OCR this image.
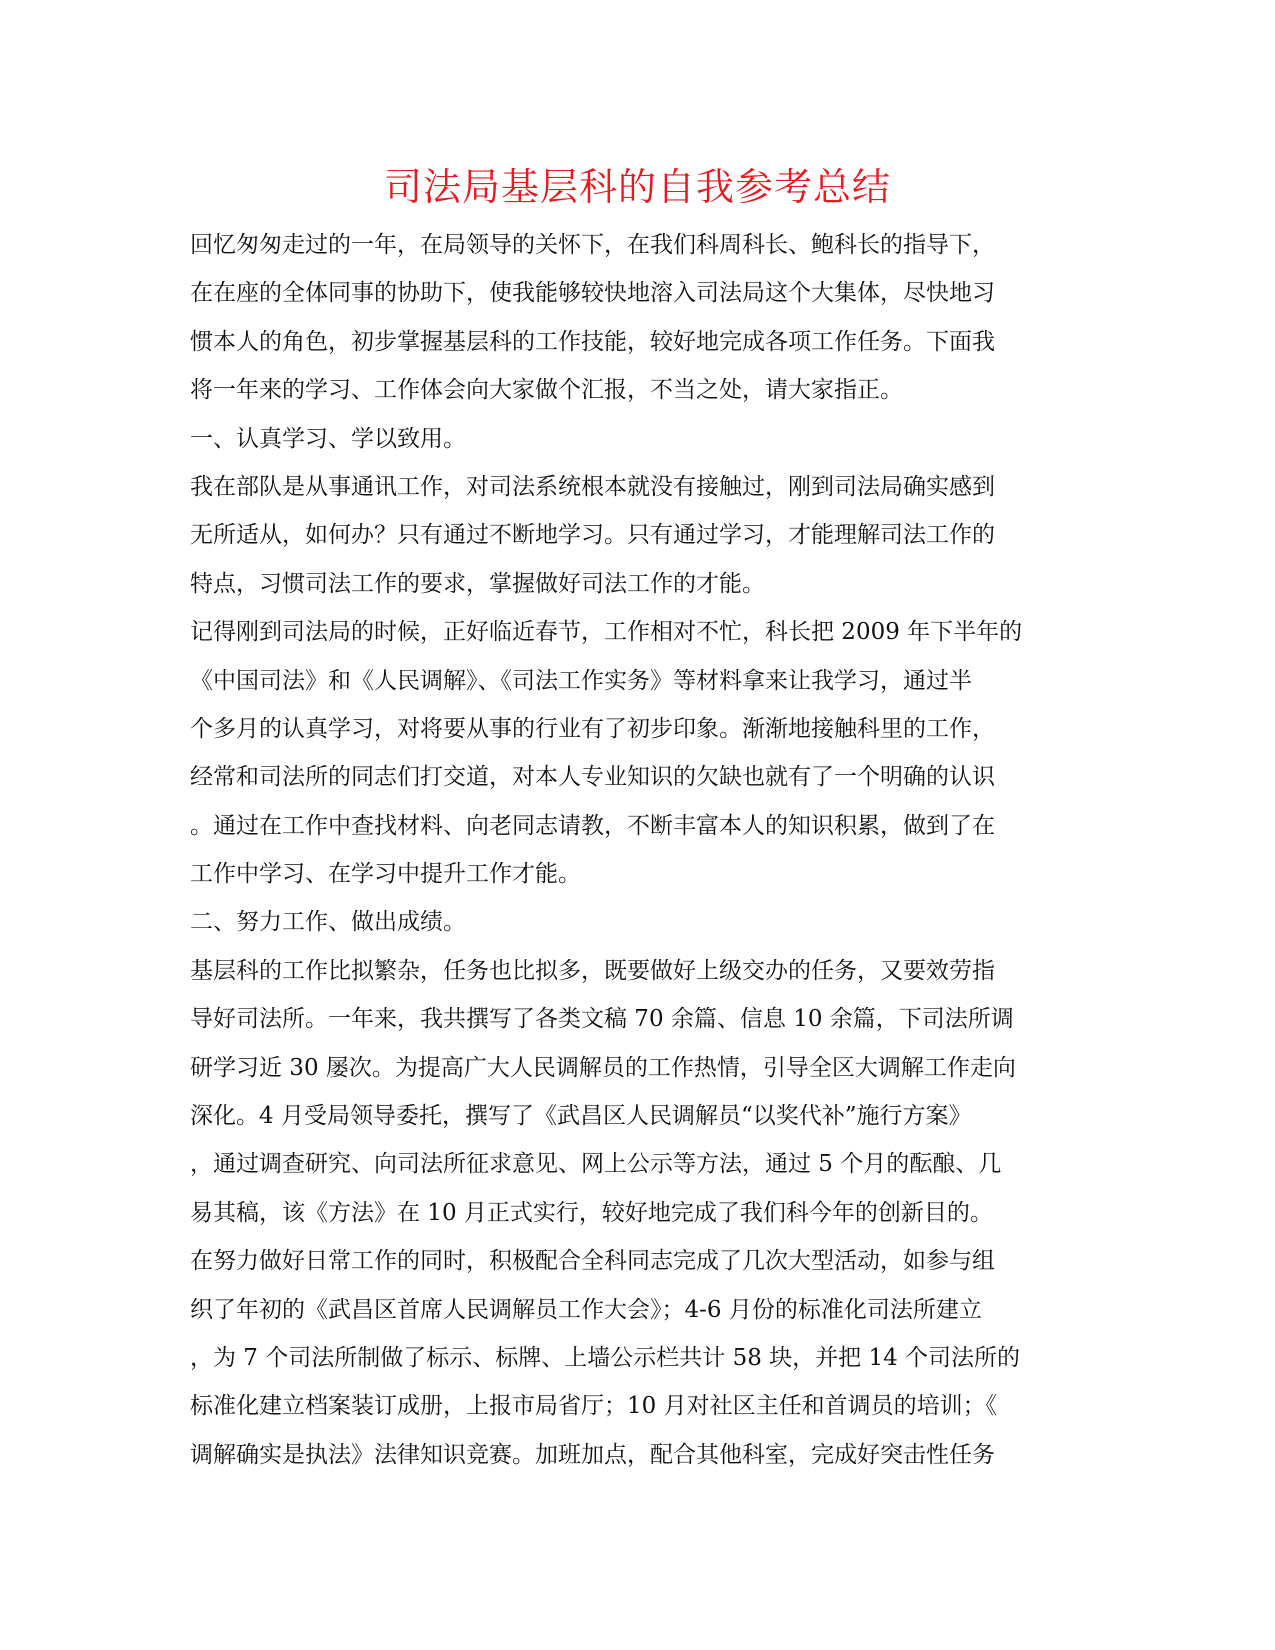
司法局基层科的自我参考总结
回忆匆匆走过的一年，在局领导的关怀下，在我们科周科长、鲍科长的指导下，
在在座的全体同事的协助下，使我能够较快地溶入司法局这个大集体，尽快地习
惯本人的角色，初步掌握基层科的工作技能，较好地完成各项工作任务。下面我
将一年来的学习、工作体会向大家做个汇报，不当之处，请大家指正。
一、认真学习、学以致用。
我在部队是从事通讯工作，对司法系统根本就没有接触过，刚到司法局确实感到
无所适从，如何办？只有通过不断地学习。只有通过学习，才能理解司法工作的
特点，习惯司法工作的要求，掌握做好司法工作的才能。
记得刚到司法局的时候，正好临近春节，工作相对不忙，科长把 2009 年下半年的
《中国司法》和《人民调解》、《司法工作实务》等材料拿来让我学习，通过半
个多月的认真学习，对将要从事的行业有了初步印象。渐渐地接触科里的工作，
经常和司法所的同志们打交道，对本人专业知识的欠缺也就有了一个明确的认识
。通过在工作中查找材料、向老同志请教，不断丰富本人的知识积累，做到了在
工作中学习、在学习中提升工作才能。
二、努力工作、做出成绩。
基层科的工作比拟繁杂，任务也比拟多，既要做好上级交办的任务，又要效劳指
导好司法所。一年来，我共撰写了各类文稿 70 余篇、信息 10 余篇，下司法所调
研学习近 30 屡次。为提高广大人民调解员的工作热情，引导全区大调解工作走向
深化。4 月受局领导委托，撰写了《武昌区人民调解员“以奖代补”施行方案》
，通过调查研究、向司法所征求意见、网上公示等方法，通过 5 个月的酝酿、几
易其稿，该《方法》在 10 月正式实行，较好地完成了我们科今年的创新目的。
在努力做好日常工作的同时，积极配合全科同志完成了几次大型活动，如参与组
织了年初的《武昌区首席人民调解员工作大会》；4-6 月份的标准化司法所建立
，为 7 个司法所制做了标示、标牌、上墙公示栏共计 58 块，并把 14 个司法所的
标准化建立档案装订成册，上报市局省厅；10 月对社区主任和首调员的培训；《
调解确实是执法》法律知识竞赛。加班加点，配合其他科室，完成好突击性任务
